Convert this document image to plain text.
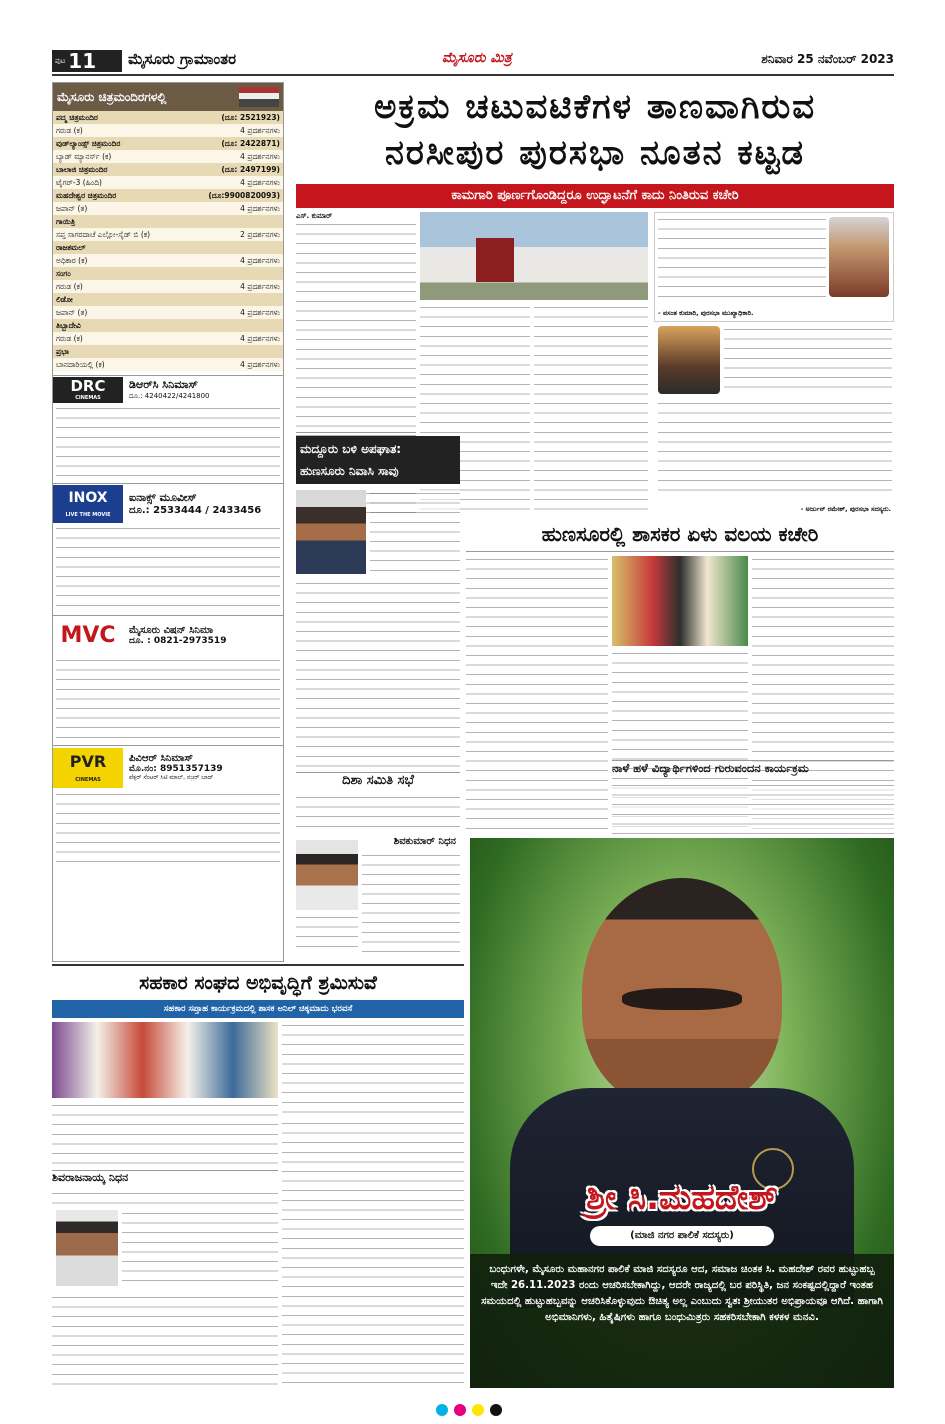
ಪುಟ 11 ಮೈಸೂರು ಗ್ರಾಮಾಂತರ	ಮೈಸೂರು ಮಿತ್ರ	ಶನಿವಾರ 25 ನವೆಂಬರ್ 2023
ಮೈಸೂರು ಚಿತ್ರಮಂದಿರಗಳಲ್ಲಿ
ಪದ್ಮ ಚಿತ್ರಮಂದಿರ	(ದೂ: 2521923)
ಗರುಡ (ಕ)	4 ಪ್ರದರ್ಶನಗಳು
ವುಡ್‌ಲ್ಯಾಂಡ್ಸ್ ಚಿತ್ರಮಂದಿರ	(ದೂ: 2422871)
ಬ್ಯಾಡ್ ಮ್ಯಾನರ್ಸ್ (ಕ)	4 ಪ್ರದರ್ಶನಗಳು
ಬಾಲಾಜಿ ಚಿತ್ರಮಂದಿರ	(ದೂ: 2497199)
ಟೈಗರ್-3 (ಹಿಂದಿ)	4 ಪ್ರದರ್ಶನಗಳು
ಮಹದೇಶ್ವರ ಚಿತ್ರಮಂದಿರ	(ದೂ:9900820093)
ಜಪಾನ್ (ತ)	4 ಪ್ರದರ್ಶನಗಳು
ಗಾಯಿತ್ರಿ
ಸಪ್ತ ಸಾಗರದಾಚೆ ಎಲ್ಲೋ-ಸೈಡ್ ಬಿ (ಕ)	2 ಪ್ರದರ್ಶನಗಳು
ರಾಜಕಮಲ್
ಅಧಿಕಾರ (ಕ)	4 ಪ್ರದರ್ಶನಗಳು
ಸಂಗಂ
ಗರುಡ (ಕ)	4 ಪ್ರದರ್ಶನಗಳು
ಲಿಡೋ
ಜಪಾನ್ (ತ)	4 ಪ್ರದರ್ಶನಗಳು
ತಿಬ್ಬಾದೇವಿ
ಗರುಡ (ಕ)	4 ಪ್ರದರ್ಶನಗಳು
ಪ್ರಭಾ
ಬಾನದಾರಿಯಲ್ಲಿ (ಕ)	4 ಪ್ರದರ್ಶನಗಳು
DRC
CINEMAS
ಡಿಆರ್‌ಸಿ ಸಿನಿಮಾಸ್
ದೂ.: 4240422/4241800
INOX
LIVE THE MOVIE
ಐನಾಕ್ಸ್ ಮೂವೀಸ್
ದೂ.: 2533444 / 2433456
MVC	ಮೈಸೂರು ವಿಷನ್ ಸಿನಿಮಾ
ದೂ. : 0821-2973519
PVR
CINEMAS
ಪಿವಿಆರ್ ಸಿನಿಮಾಸ್
ಮೊ.ನಂ: 8951357139
ಪೆಕ್ಸರ್ ಸೆಂಟರ್ ಸಿಟಿ ಮಾಲ್, ನಜ಼ರ್ ಬಾದ್
ಅಕ್ರಮ ಚಟುವಟಿಕೆಗಳ ತಾಣವಾಗಿರುವ
ನರಸೀಪುರ ಪುರಸಭಾ ನೂತನ ಕಟ್ಟಡ
ಕಾಮಗಾರಿ ಪೂರ್ಣಗೊಂಡಿದ್ದರೂ ಉದ್ಘಾಟನೆಗೆ ಕಾದು ನಿಂತಿರುವ ಕಚೇರಿ
ಎಸ್. ಕುಮಾರ್
- ವಸಂತ ಕುಮಾರಿ, ಪುರಸಭಾ ಮುಖ್ಯಾಧಿಕಾರಿ.
- ಅರ್ಜುನ್ ರಮೇಶ್, ಪುರಸಭಾ ಸದಸ್ಯರು.
ಮದ್ದೂರು ಬಳಿ ಅಪಘಾತ:
ಹುಣಸೂರು ನಿವಾಸಿ ಸಾವು
ದಿಶಾ ಸಮಿತಿ ಸಭೆ
ಶಿವಕುಮಾರ್ ನಿಧನ
ಹುಣಸೂರಲ್ಲಿ ಶಾಸಕರ ಏಳು ವಲಯ ಕಚೇರಿ
ನಾಳೆ ಹಳೆ ವಿದ್ಯಾರ್ಥಿಗಳಿಂದ ಗುರುವಂದನ ಕಾರ್ಯಕ್ರಮ
ಸಹಕಾರ ಸಂಘದ ಅಭಿವೃದ್ಧಿಗೆ ಶ್ರಮಿಸುವೆ
ಸಹಕಾರ ಸಪ್ತಾಹ ಕಾರ್ಯಕ್ರಮದಲ್ಲಿ ಶಾಸಕ ಅನಿಲ್ ಚಿಕ್ಕಮಾದು ಭರವಸೆ
ಶಿವರಾಜನಾಯ್ಕ ನಿಧನ
ಶ್ರೀ ಸಿ.ಮಹದೇಶ್
(ಮಾಜಿ ನಗರ ಪಾಲಿಕೆ ಸದಸ್ಯರು)
ಬಂಧುಗಳೇ, ಮೈಸೂರು ಮಹಾನಗರ ಪಾಲಿಕೆ ಮಾಜಿ ಸದಸ್ಯರೂ ಆದ, ಸಮಾಜ ಚಿಂತಕ ಸಿ. ಮಹದೇಶ್ ರವರ ಹುಟ್ಟುಹಬ್ಬ ಇದೇ 26.11.2023 ರಂದು ಆಚರಿಸಬೇಕಾಗಿದ್ದು, ಆದರೇ ರಾಜ್ಯದಲ್ಲಿ ಬರ ಪರಿಸ್ಥಿತಿ, ಜನ ಸಂಕಷ್ಟದಲ್ಲಿದ್ದಾರೆ ಇಂತಹ ಸಮಯದಲ್ಲಿ ಹುಟ್ಟುಹಬ್ಬವನ್ನು ಆಚರಿಸಿಕೊಳ್ಳುವುದು ಔಚಿತ್ಯ ಅಲ್ಲ ಎಂಬುದು ಸ್ವತಃ ಶ್ರೀಯುತರ ಅಭಿಪ್ರಾಯವೂ ಆಗಿದೆ. ಹಾಗಾಗಿ ಅಭಿಮಾನಿಗಳು, ಹಿತೈಷಿಗಳು ಹಾಗೂ ಬಂಧುಮಿತ್ರರು ಸಹಕರಿಸಬೇಕಾಗಿ ಕಳಕಳ ಮನವಿ.
